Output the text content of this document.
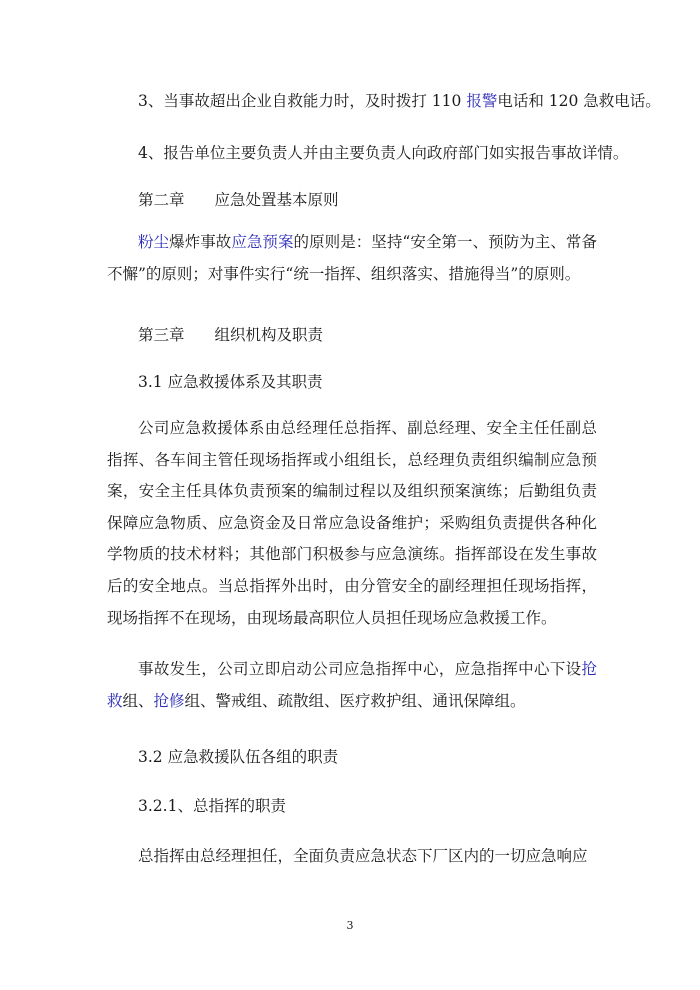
3、当事故超出企业自救能力时，及时拨打 110 报警电话和 120 急救电话。
4、报告单位主要负责人并由主要负责人向政府部门如实报告事故详情。
第二章 应急处置基本原则
粉尘爆炸事故应急预案的原则是：坚持“安全第一、预防为主、常备不懈”的原则；对事件实行“统一指挥、组织落实、措施得当”的原则。
第三章 组织机构及职责
3.1 应急救援体系及其职责
公司应急救援体系由总经理任总指挥、副总经理、安全主任任副总指挥、各车间主管任现场指挥或小组组长，总经理负责组织编制应急预案，安全主任具体负责预案的编制过程以及组织预案演练；后勤组负责保障应急物质、应急资金及日常应急设备维护；采购组负责提供各种化学物质的技术材料；其他部门积极参与应急演练。指挥部设在发生事故后的安全地点。当总指挥外出时，由分管安全的副经理担任现场指挥，现场指挥不在现场，由现场最高职位人员担任现场应急救援工作。
事故发生，公司立即启动公司应急指挥中心，应急指挥中心下设抢救组、抢修组、警戒组、疏散组、医疗救护组、通讯保障组。
3.2 应急救援队伍各组的职责
3.2.1、总指挥的职责
总指挥由总经理担任，全面负责应急状态下厂区内的一切应急响应
3
